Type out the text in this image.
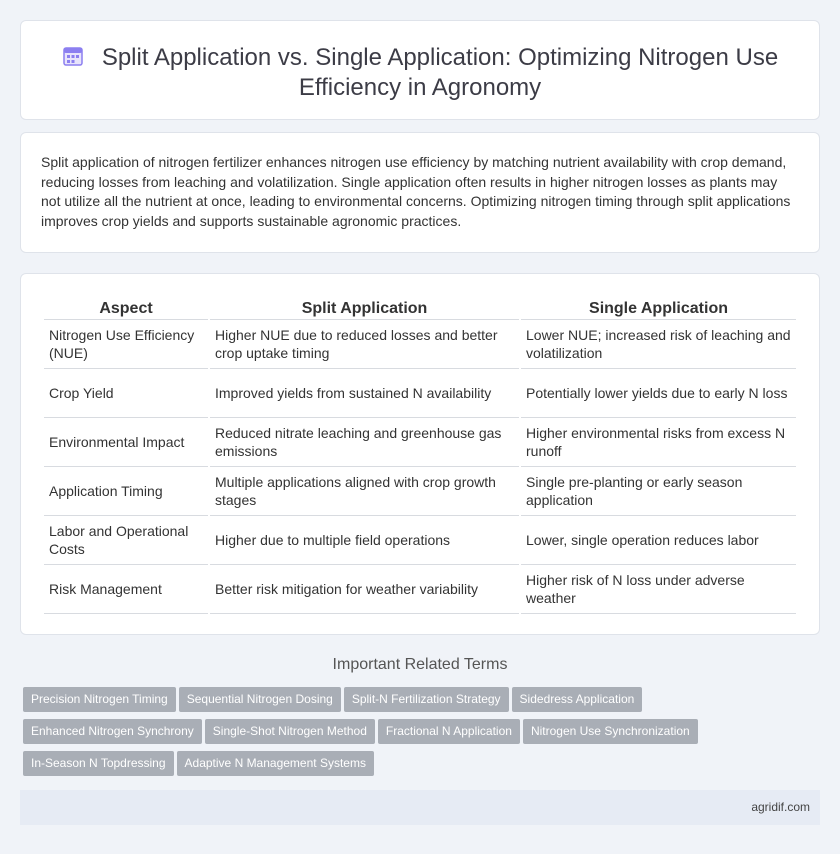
Split Application vs. Single Application: Optimizing Nitrogen Use Efficiency in Agronomy

Split application of nitrogen fertilizer enhances nitrogen use efficiency by matching nutrient availability with crop demand, reducing losses from leaching and volatilization. Single application often results in higher nitrogen losses as plants may not utilize all the nutrient at once, leading to environmental concerns. Optimizing nitrogen timing through split applications improves crop yields and supports sustainable agronomic practices.

Aspect	Split Application	Single Application
Nitrogen Use Efficiency (NUE)	Higher NUE due to reduced losses and better crop uptake timing	Lower NUE; increased risk of leaching and volatilization
Crop Yield	Improved yields from sustained N availability	Potentially lower yields due to early N loss
Environmental Impact	Reduced nitrate leaching and greenhouse gas emissions	Higher environmental risks from excess N runoff
Application Timing	Multiple applications aligned with crop growth stages	Single pre-planting or early season application
Labor and Operational Costs	Higher due to multiple field operations	Lower, single operation reduces labor
Risk Management	Better risk mitigation for weather variability	Higher risk of N loss under adverse weather
Important Related Terms
Precision Nitrogen Timing Sequential Nitrogen Dosing Split-N Fertilization Strategy Sidedress Application
Enhanced Nitrogen Synchrony Single-Shot Nitrogen Method Fractional N Application Nitrogen Use Synchronization
In-Season N Topdressing Adaptive N Management Systems
agridif.com
